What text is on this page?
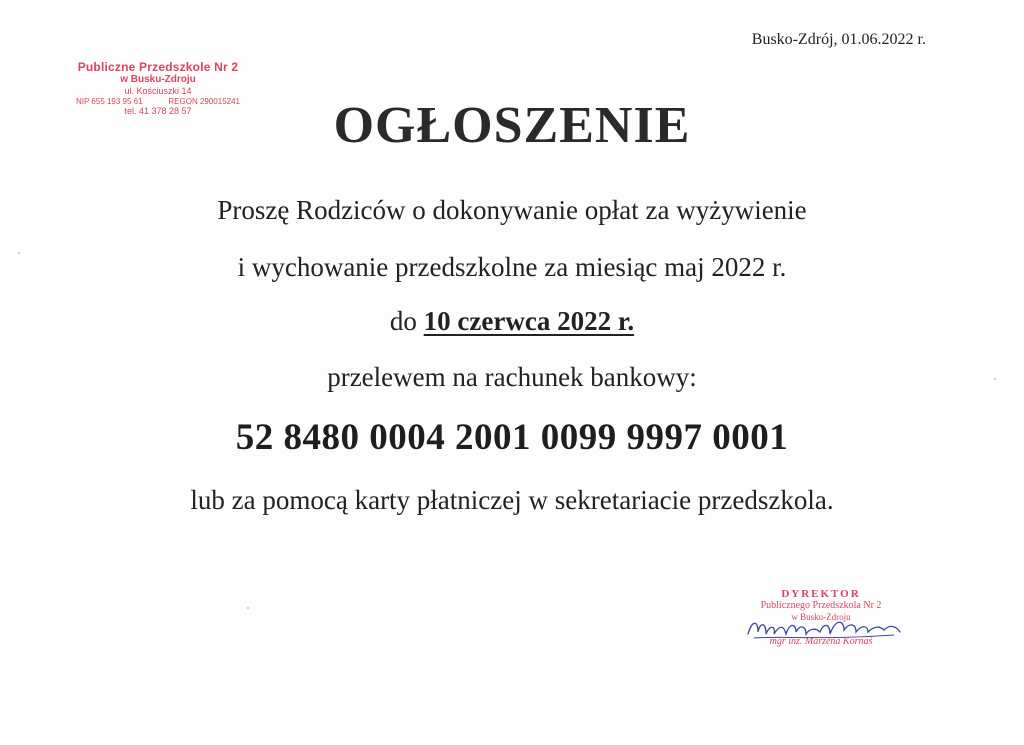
Busko-Zdrój, 01.06.2022 r.
Publiczne Przedszkole Nr 2
w Busku-Zdroju
ul. Kościuszki 14
NIP 655 193 95 61	REGON 290015241
tel. 41 378 28 57	OGŁOSZENIE
Proszę Rodziców o dokonywanie opłat za wyżywienie
i wychowanie przedszkolne za miesiąc maj 2022 r.
do 10 czerwca 2022 r.
przelewem na rachunek bankowy:
52 8480 0004 2001 0099 9997 0001
lub za pomocą karty płatniczej w sekretariacie przedszkola.
DYREKTOR
Publicznego Przedszkola Nr 2
w Busku-Zdroju
mgr inż. Marzena Kornaś
